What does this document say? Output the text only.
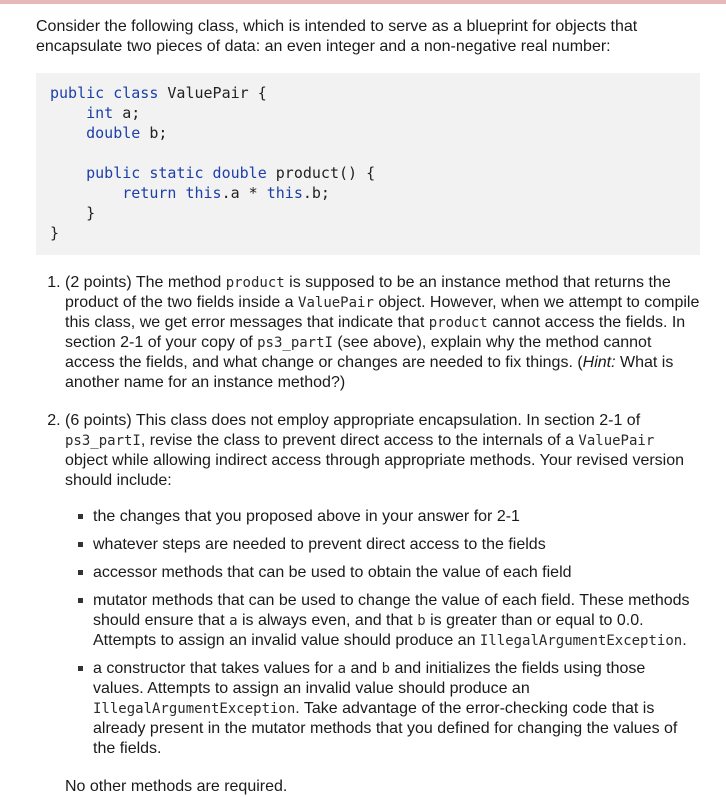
Consider the following class, which is intended to serve as a blueprint for objects that encapsulate two pieces of data: an even integer and a non-negative real number:

public class ValuePair {
int a;
double b;
public static double product() {
return this.a * this.b;
}
}
1. (2 points) The method product is supposed to be an instance method that returns the product of the two fields inside a ValuePair object. However, when we attempt to compile this class, we get error messages that indicate that product cannot access the fields. In section 2-1 of your copy of ps3_partI (see above), explain why the method cannot access the fields, and what change or changes are needed to fix things. (Hint: What is another name for an instance method?)
2. (6 points) This class does not employ appropriate encapsulation. In section 2-1 of ps3_partI, revise the class to prevent direct access to the internals of a ValuePair object while allowing indirect access through appropriate methods. Your revised version should include:
the changes that you proposed above in your answer for 2-1
whatever steps are needed to prevent direct access to the fields
accessor methods that can be used to obtain the value of each field
mutator methods that can be used to change the value of each field. These methods should ensure that a is always even, and that b is greater than or equal to 0.0. Attempts to assign an invalid value should produce an IllegalArgumentException.
a constructor that takes values for a and b and initializes the fields using those values. Attempts to assign an invalid value should produce an IllegalArgumentException. Take advantage of the error-checking code that is already present in the mutator methods that you defined for changing the values of the fields.

No other methods are required.
